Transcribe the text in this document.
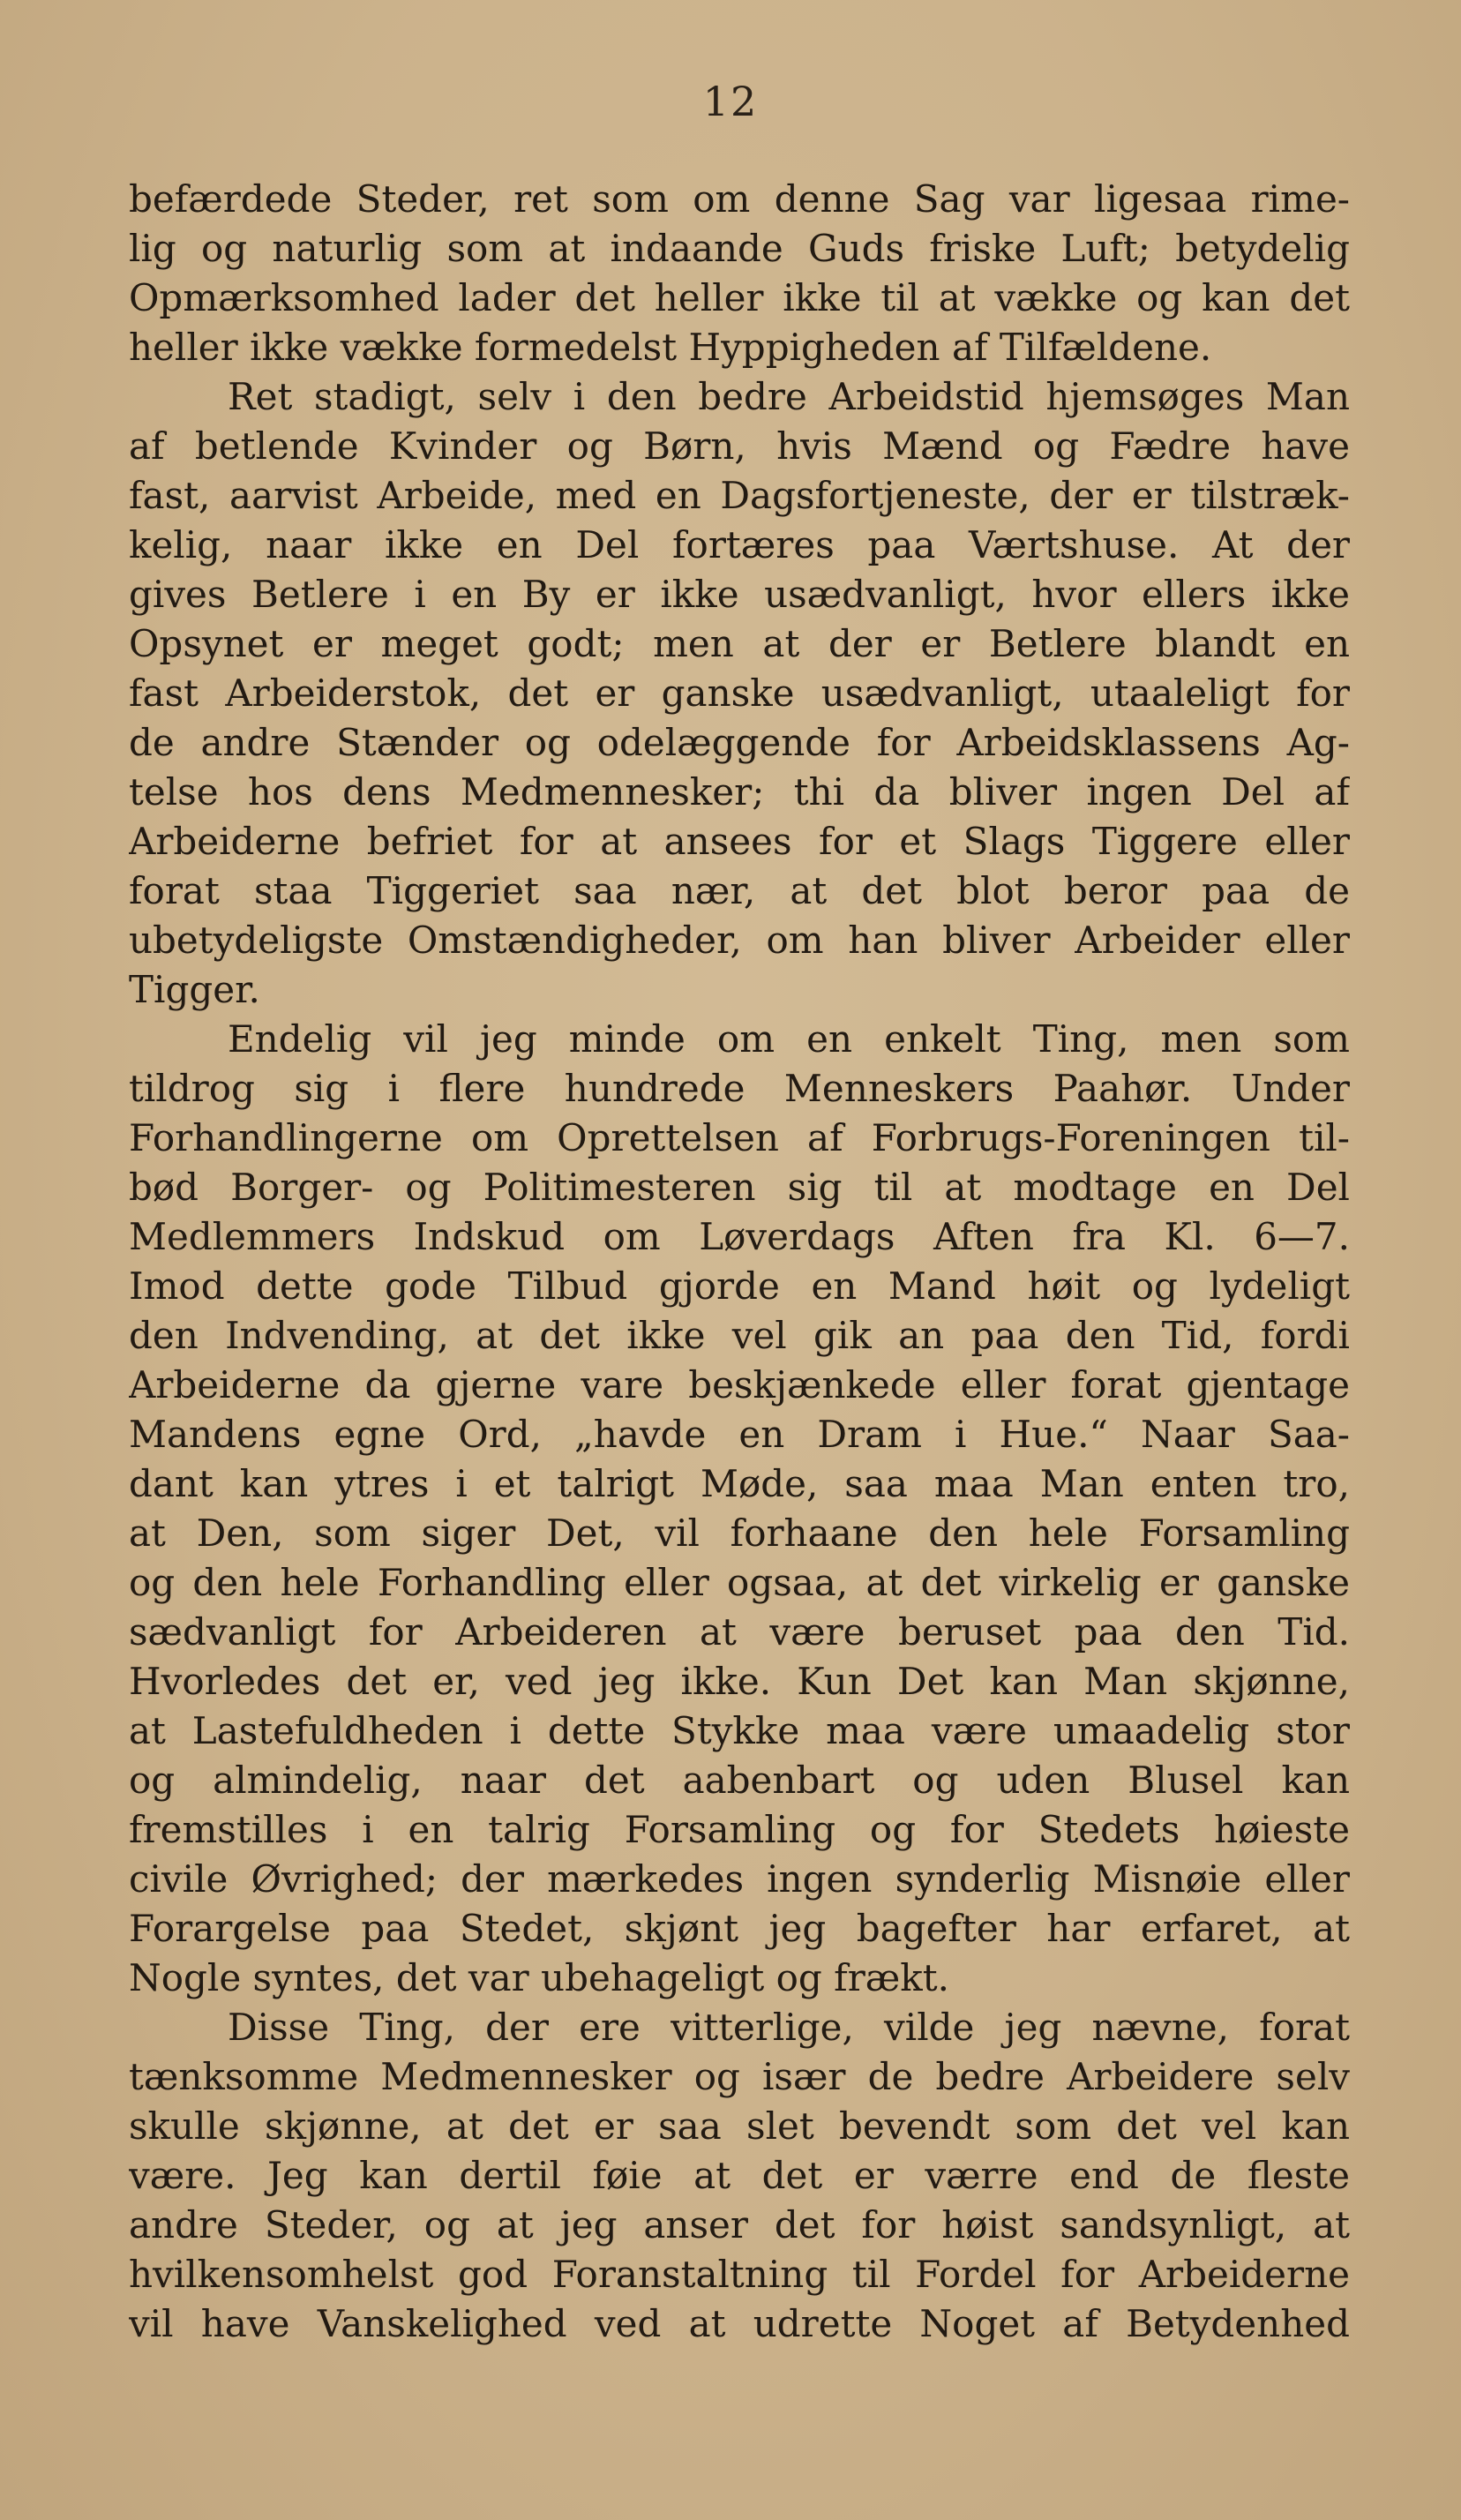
12
befærdede Steder, ret som om denne Sag var ligesaa rime-
lig og naturlig som at indaande Guds friske Luft; betydelig
Opmærksomhed lader det heller ikke til at vække og kan det
heller ikke vække formedelst Hyppigheden af Tilfældene.
Ret stadigt, selv i den bedre Arbeidstid hjemsøges Man
af betlende Kvinder og Børn, hvis Mænd og Fædre have
fast, aarvist Arbeide, med en Dagsfortjeneste, der er tilstræk-
kelig, naar ikke en Del fortæres paa Værtshuse. At der
gives Betlere i en By er ikke usædvanligt, hvor ellers ikke
Opsynet er meget godt; men at der er Betlere blandt en
fast Arbeiderstok, det er ganske usædvanligt, utaaleligt for
de andre Stænder og odelæggende for Arbeidsklassens Ag-
telse hos dens Medmennesker; thi da bliver ingen Del af
Arbeiderne befriet for at ansees for et Slags Tiggere eller
forat staa Tiggeriet saa nær, at det blot beror paa de
ubetydeligste Omstændigheder, om han bliver Arbeider eller
Tigger.
Endelig vil jeg minde om en enkelt Ting, men som
tildrog sig i flere hundrede Menneskers Paahør. Under
Forhandlingerne om Oprettelsen af Forbrugs-Foreningen til-
bød Borger- og Politimesteren sig til at modtage en Del
Medlemmers Indskud om Løverdags Aften fra Kl. 6—7.
Imod dette gode Tilbud gjorde en Mand høit og lydeligt
den Indvending, at det ikke vel gik an paa den Tid, fordi
Arbeiderne da gjerne vare beskjænkede eller forat gjentage
Mandens egne Ord, „havde en Dram i Hue.“ Naar Saa-
dant kan ytres i et talrigt Møde, saa maa Man enten tro,
at Den, som siger Det, vil forhaane den hele Forsamling
og den hele Forhandling eller ogsaa, at det virkelig er ganske
sædvanligt for Arbeideren at være beruset paa den Tid.
Hvorledes det er, ved jeg ikke. Kun Det kan Man skjønne,
at Lastefuldheden i dette Stykke maa være umaadelig stor
og almindelig, naar det aabenbart og uden Blusel kan
fremstilles i en talrig Forsamling og for Stedets høieste
civile Øvrighed; der mærkedes ingen synderlig Misnøie eller
Forargelse paa Stedet, skjønt jeg bagefter har erfaret, at
Nogle syntes, det var ubehageligt og frækt.
Disse Ting, der ere vitterlige, vilde jeg nævne, forat
tænksomme Medmennesker og især de bedre Arbeidere selv
skulle skjønne, at det er saa slet bevendt som det vel kan
være. Jeg kan dertil føie at det er værre end de fleste
andre Steder, og at jeg anser det for høist sandsynligt, at
hvilkensomhelst god Foranstaltning til Fordel for Arbeiderne
vil have Vanskelighed ved at udrette Noget af Betydenhed
